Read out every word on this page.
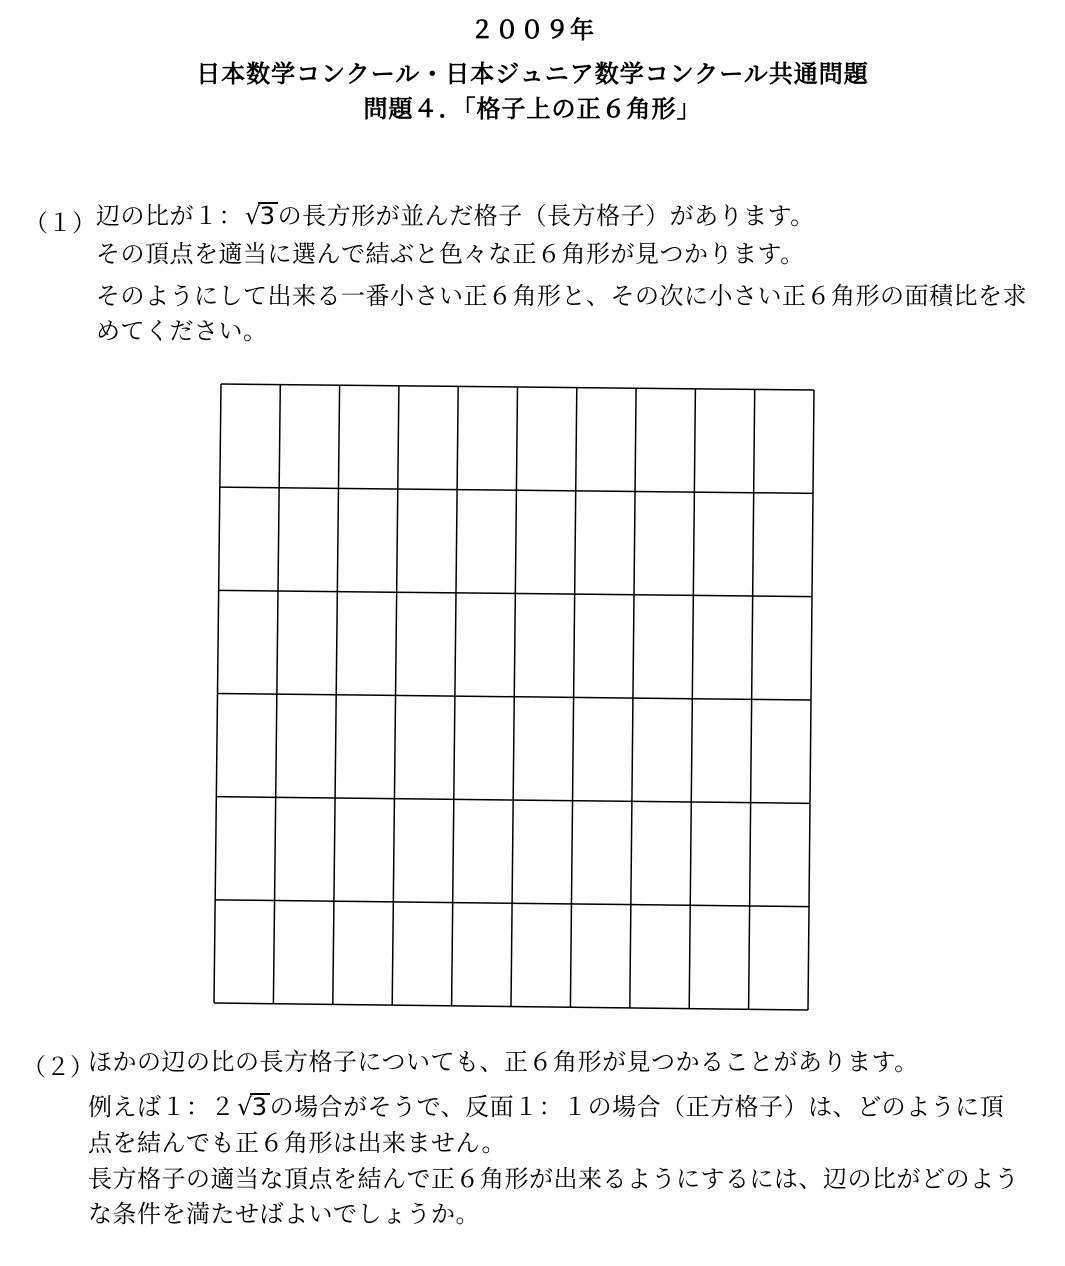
２００９年
日本数学コンクール・日本ジュニア数学コンクール共通問題
問題４．「格子上の正６角形」
（１） 辺の比が１：√3の長方形が並んだ格子（長方格子）があります。
その頂点を適当に選んで結ぶと色々な正６角形が見つかります。
そのようにして出来る一番小さい正６角形と、その次に小さい正６角形の面積比を求
めてください。
（２）
ほかの辺の比の長方格子についても、正６角形が見つかることがあります。
例えば１：２√3の場合がそうで、反面１：１の場合（正方格子）は、どのように頂
点を結んでも正６角形は出来ません。
長方格子の適当な頂点を結んで正６角形が出来るようにするには、辺の比がどのよう
な条件を満たせばよいでしょうか。
